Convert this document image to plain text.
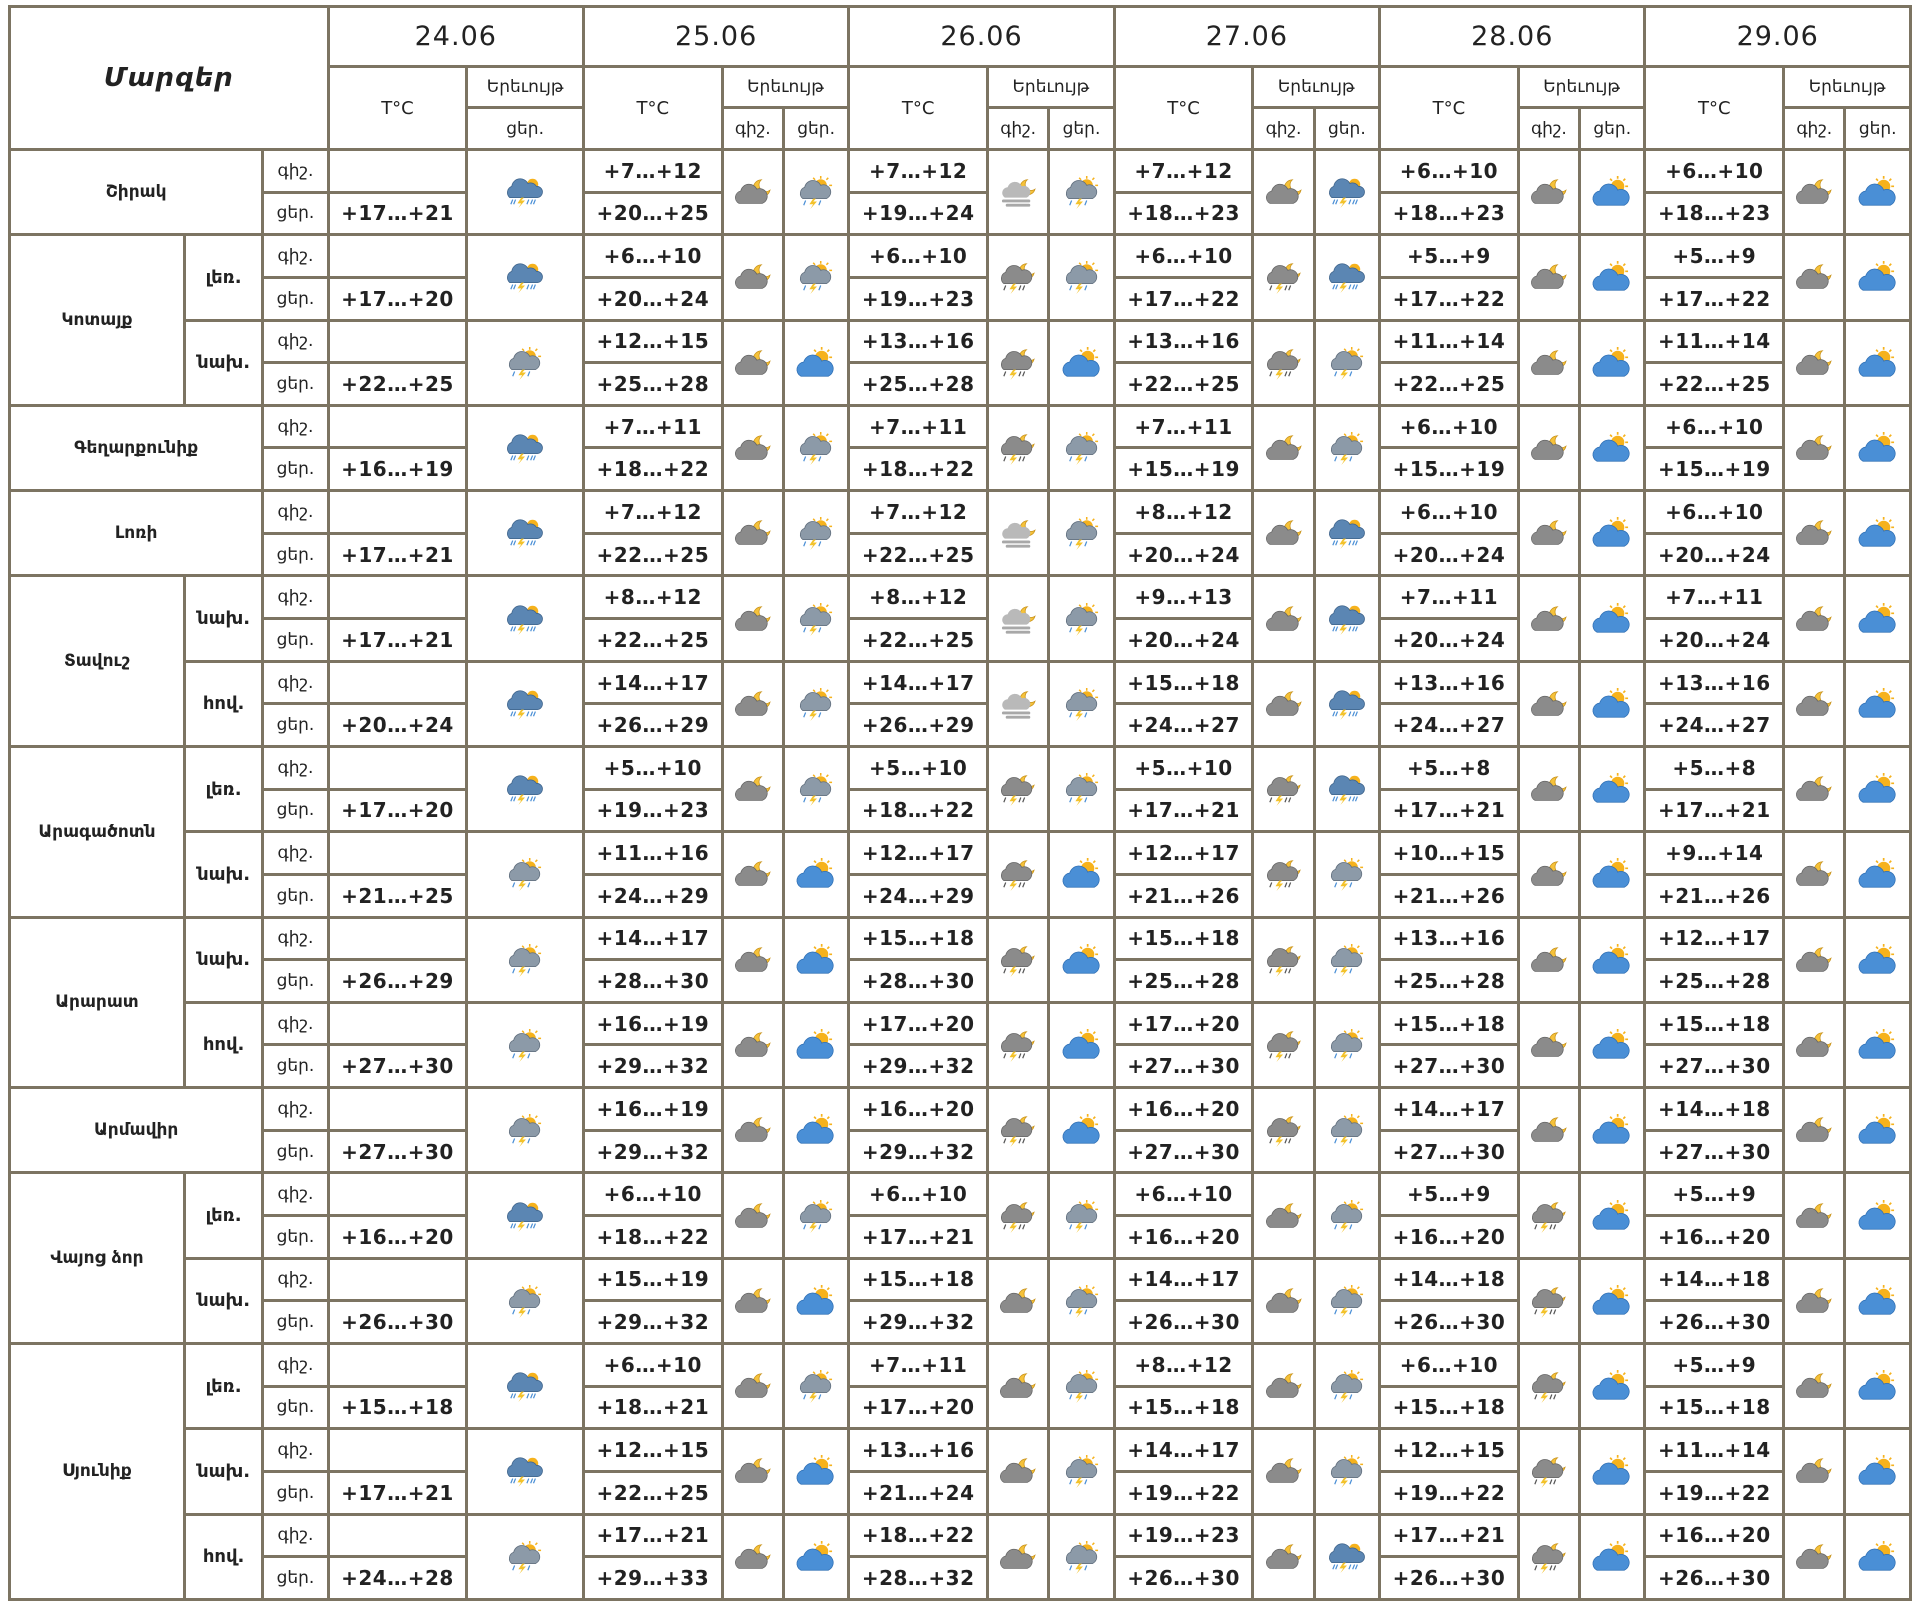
Մարզեր			24.06		25.06			26.06			27.06			28.06			29.06		
			T°C	Երեւույթ	T°C	Երեւույթ		T°C	Երեւույթ		T°C	Երեւույթ		T°C	Երեւույթ		T°C	Երեւույթ	
				ցեր.		գիշ.	ցեր.		գիշ.	ցեր.		գիշ.	ցեր.		գիշ.	ցեր.		գիշ.	ցեր.
Շիրակ		գիշ.			+7…+12			+7…+12			+7…+12			+6…+10			+6…+10	

		ցեր.	+17…+21		+20…+25			+19…+24			+18…+23			+18…+23			+18…+23		
Կոտայք	լեռ.	գիշ.			+6…+10			+6…+10			+6…+10			+5…+9			+5…+9	

		ցեր.	+17…+20		+20…+24			+19…+23			+17…+22			+17…+22			+17…+22		
	նախ.	գիշ.			+12…+15			+13…+16			+13…+16			+11…+14			+11…+14	

		ցեր.	+22…+25		+25…+28			+25…+28			+22…+25			+22…+25			+22…+25		
Գեղարքունիք		գիշ.			+7…+11			+7…+11			+7…+11			+6…+10			+6…+10	

		ցեր.	+16…+19		+18…+22			+18…+22			+15…+19			+15…+19			+15…+19		
Լոռի		գիշ.			+7…+12			+7…+12			+8…+12			+6…+10			+6…+10	

		ցեր.	+17…+21		+22…+25			+22…+25			+20…+24			+20…+24			+20…+24		
Տավուշ	նախ.	գիշ.			+8…+12			+8…+12			+9…+13			+7…+11			+7…+11	

		ցեր.	+17…+21		+22…+25			+22…+25			+20…+24			+20…+24			+20…+24		
	հով.	գիշ.			+14…+17			+14…+17			+15…+18			+13…+16			+13…+16	

		ցեր.	+20…+24		+26…+29			+26…+29			+24…+27			+24…+27			+24…+27		
Արագածոտն	լեռ.	գիշ.			+5…+10			+5…+10			+5…+10			+5…+8			+5…+8	

		ցեր.	+17…+20		+19…+23			+18…+22			+17…+21			+17…+21			+17…+21		
	նախ.	գիշ.			+11…+16			+12…+17			+12…+17			+10…+15			+9…+14	

		ցեր.	+21…+25		+24…+29			+24…+29			+21…+26			+21…+26			+21…+26		
Արարատ	նախ.	գիշ.			+14…+17			+15…+18			+15…+18			+13…+16			+12…+17	

		ցեր.	+26…+29		+28…+30			+28…+30			+25…+28			+25…+28			+25…+28		
	հով.	գիշ.			+16…+19			+17…+20			+17…+20			+15…+18			+15…+18	

		ցեր.	+27…+30		+29…+32			+29…+32			+27…+30			+27…+30			+27…+30		
Արմավիր		գիշ.			+16…+19			+16…+20			+16…+20			+14…+17			+14…+18	

		ցեր.	+27…+30		+29…+32			+29…+32			+27…+30			+27…+30			+27…+30		
Վայոց ձոր	լեռ.	գիշ.			+6…+10			+6…+10			+6…+10			+5…+9			+5…+9	

		ցեր.	+16…+20		+18…+22			+17…+21			+16…+20			+16…+20			+16…+20		
	նախ.	գիշ.			+15…+19			+15…+18			+14…+17			+14…+18			+14…+18	

		ցեր.	+26…+30		+29…+32			+29…+32			+26…+30			+26…+30			+26…+30		
Սյունիք	լեռ.	գիշ.			+6…+10			+7…+11			+8…+12			+6…+10			+5…+9	

		ցեր.	+15…+18		+18…+21			+17…+20			+15…+18			+15…+18			+15…+18		
	նախ.	գիշ.			+12…+15			+13…+16			+14…+17			+12…+15			+11…+14	

		ցեր.	+17…+21		+22…+25			+21…+24			+19…+22			+19…+22			+19…+22		
	հով.	գիշ.			+17…+21			+18…+22			+19…+23			+17…+21			+16…+20	

		ցեր.	+24…+28		+29…+33			+28…+32			+26…+30			+26…+30			+26…+30		
